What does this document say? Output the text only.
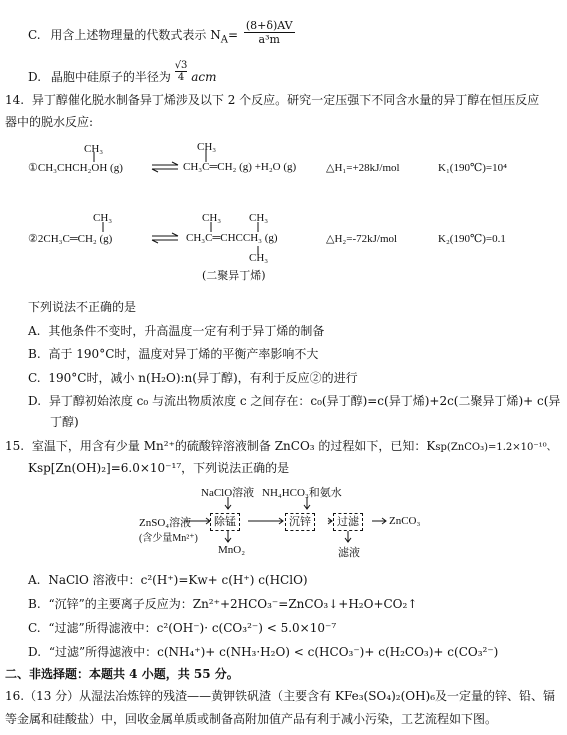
C. 用含上述物理量的代数式表示 $N_A= \frac{(8+\delta)AV}{\text{a³m}}$
D. 晶胞中硅原子的半径为 $\frac{√3}{4}$ acm
14. 异丁醇催化脱水制备异丁烯涉及以下 2 个反应。研究一定压强下不同含水量的异丁醇在恒压反应
器中的脱水反应:
CH₃
①CH₃CHCH₂OH (g)
CH₃
CH₃C═CH₂ (g) +H₂O (g)	△H₁=+28kJ/mol	K₁(190℃)=10⁴
CH₃
②2CH₃C═CH₂ (g)
CH₃	CH₃
CH₃C═CHCCH₃ (g)
CH₃
(二聚异丁烯)
△H₂=-72kJ/mol	K₂(190℃)=0.1
下列说法不正确的是
A. 其他条件不变时，升高温度一定有利于异丁烯的制备
B. 高于 190°C时，温度对异丁烯的平衡产率影响不大
C. 190°C时，减小 n(H₂O):n(异丁醇)，有利于反应②的进行
D. 异丁醇初始浓度 c₀ 与流出物质浓度 c 之间存在：c₀(异丁醇)=c(异丁烯)+2c(二聚异丁烯)+ c(异
丁醇)
15. 室温下，用含有少量 Mn²⁺的硫酸锌溶液制备 ZnCO₃ 的过程如下，已知：Ksp(ZnCO₃)=1.2×10⁻¹⁰、
Ksp[Zn(OH)₂]=6.0×10⁻¹⁷，下列说法正确的是
NaClO溶液 NH₄HCO₃和氨水
ZnSO₄溶液
(含少量Mn²⁺)
除锰	沉锌	过滤	ZnCO₃
MnO₂	滤液
A. NaClO 溶液中：c²(H⁺)=Kw+ c(H⁺) c(HClO)
B. “沉锌”的主要离子反应为：Zn²⁺+2HCO₃⁻=ZnCO₃↓+H₂O+CO₂↑
C. “过滤”所得滤液中：c²(OH⁻)· c(CO₃²⁻) < 5.0×10⁻⁷
D. “过滤”所得滤液中：c(NH₄⁺)+ c(NH₃·H₂O) < c(HCO₃⁻)+ c(H₂CO₃)+ c(CO₃²⁻)
二、非选择题：本题共 4 小题，共 55 分。
16.（13 分）从湿法冶炼锌的残渣——黄钾铁矾渣（主要含有 KFe₃(SO₄)₂(OH)₆及一定量的锌、铅、镉
等金属和硅酸盐）中，回收金属单质或制备高附加值产品有利于减小污染，工艺流程如下图。
